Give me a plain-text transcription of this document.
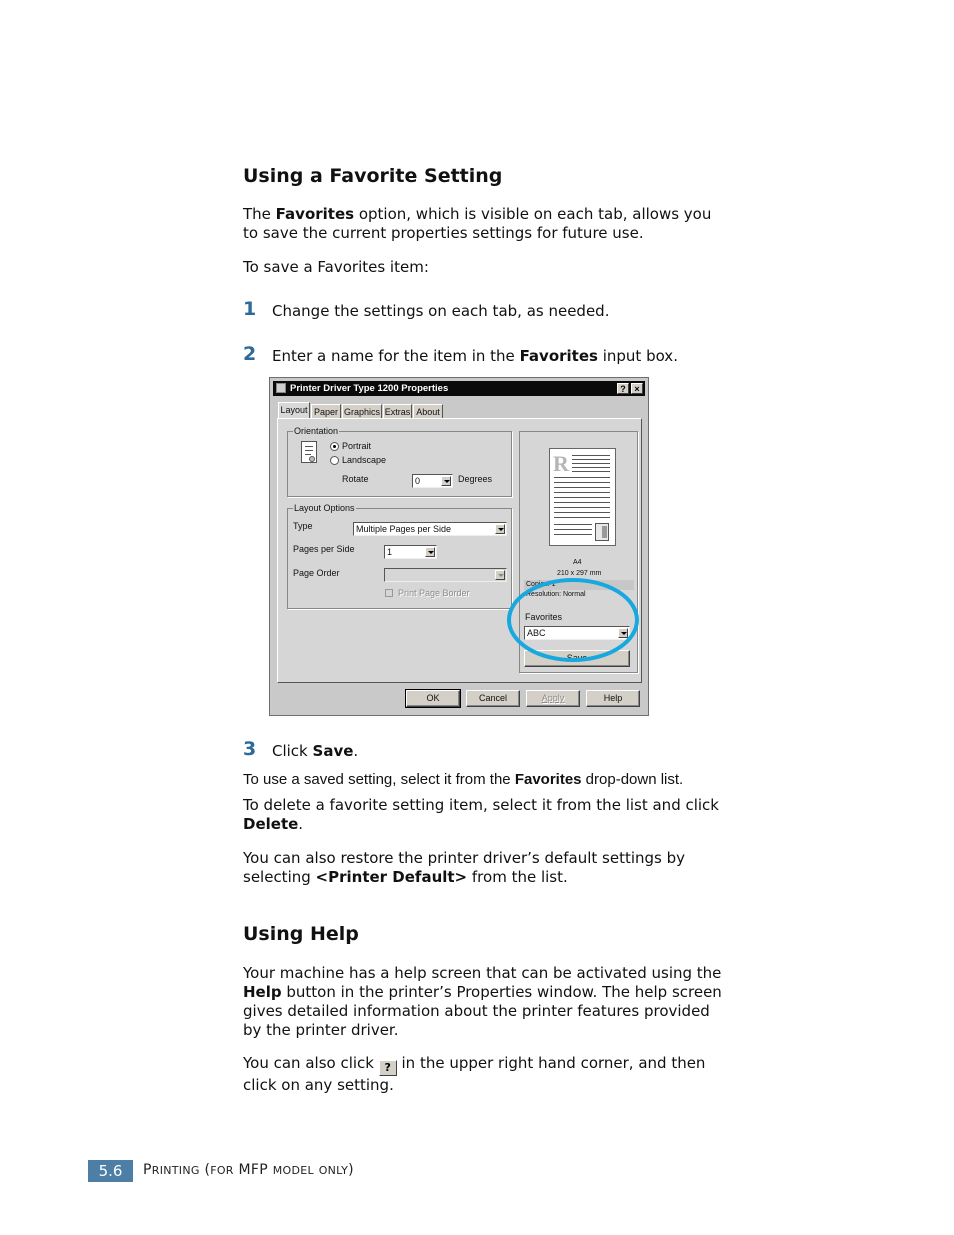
Using a Favorite Setting
The Favorites option, which is visible on each tab, allows you to save the current properties settings for future use.
To save a Favorites item:
1 Change the settings on each tab, as needed.
2 Enter a name for the item in the Favorites input box.
Printer Driver Type 1200 Properties	? ×
Layout Paper Graphics Extras About
Orientation
Portrait
Landscape
Rotate	0	Degrees
Layout Options
Type	Multiple Pages per Side
Pages per Side	1
Page Order
Print Page Border
R
A4
210 x 297 mm
Copies: 1
Resolution: Normal
Favorites
ABC
Save
OK	Cancel	Apply	Help
3 Click Save.
To use a saved setting, select it from the Favorites drop-down list.
To delete a favorite setting item, select it from the list and click Delete.
You can also restore the printer driver’s default settings by selecting <Printer Default> from the list.
Using Help
Your machine has a help screen that can be activated using the Help button in the printer’s Properties window. The help screen gives detailed information about the printer features provided by the printer driver.
You can also click ? in the upper right hand corner, and then click on any setting.
5.6	PRINTING (FOR MFP MODEL ONLY)
